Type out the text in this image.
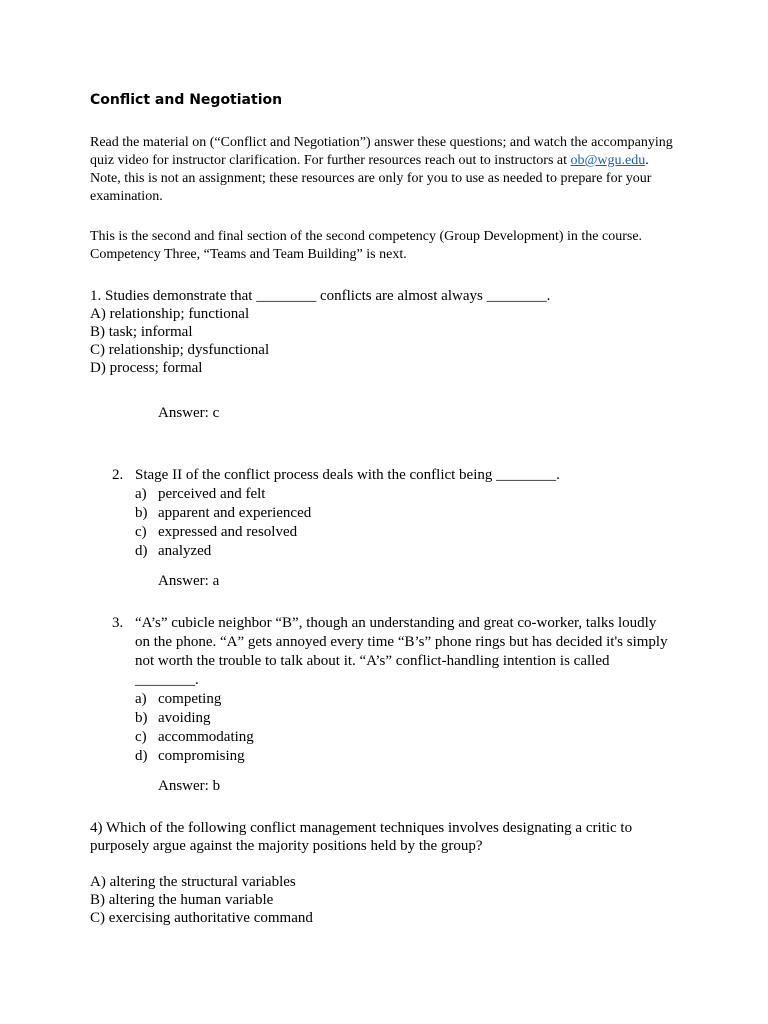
Conflict and Negotiation

Read the material on (“Conflict and Negotiation”) answer these questions; and watch the accompanying quiz video for instructor clarification. For further resources reach out to instructors at ob@wgu.edu. Note, this is not an assignment; these resources are only for you to use as needed to prepare for your examination.

This is the second and final section of the second competency (Group Development) in the course. Competency Three, “Teams and Team Building” is next.

1. Studies demonstrate that ________ conflicts are almost always ________.
A) relationship; functional
B) task; informal
C) relationship; dysfunctional
D) process; formal
Answer: c
2. Stage II of the conflict process deals with the conflict being ________.
a) perceived and felt
b) apparent and experienced
c) expressed and resolved
d) analyzed
Answer: a
3. “A’s” cubicle neighbor “B”, though an understanding and great co-worker, talks loudly on the phone. “A” gets annoyed every time “B’s” phone rings but has decided it's simply not worth the trouble to talk about it. “A’s” conflict-handling intention is called ________.
a) competing
b) avoiding
c) accommodating
d) compromising
Answer: b

4) Which of the following conflict management techniques involves designating a critic to purposely argue against the majority positions held by the group?

A) altering the structural variables
B) altering the human variable
C) exercising authoritative command
